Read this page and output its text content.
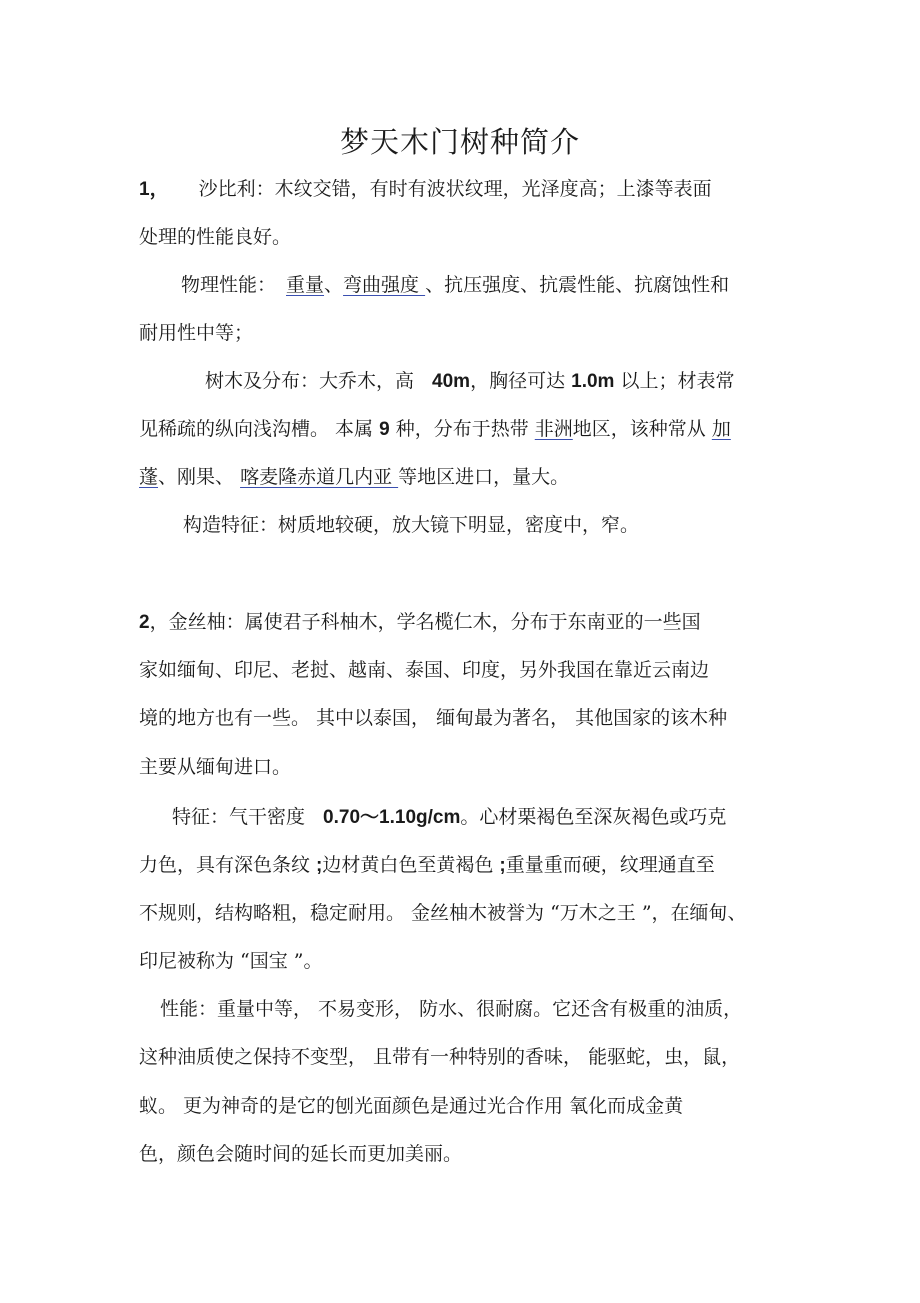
梦天木门树种简介
1， 沙比利：木纹交错，有时有波状纹理，光泽度高；上漆等表面
处理的性能良好。
物理性能： 重量、弯曲强度 、抗压强度、抗震性能、抗腐蚀性和
耐用性中等；
树木及分布：大乔木，高 40m，胸径可达 1.0m 以上；材表常
见稀疏的纵向浅沟槽。 本属 9 种，分布于热带 非洲地区，该种常从 加
蓬、刚果、 喀麦隆赤道几内亚 等地区进口，量大。
构造特征：树质地较硬，放大镜下明显，密度中，窄。
2，金丝柚：属使君子科柚木，学名榄仁木，分布于东南亚的一些国
家如缅甸、印尼、老挝、越南、泰国、印度，另外我国在靠近云南边
境的地方也有一些。 其中以泰国， 缅甸最为著名， 其他国家的该木种
主要从缅甸进口。
特征：气干密度 0.70～1.10g/cm。心材栗褐色至深灰褐色或巧克
力色，具有深色条纹 ;边材黄白色至黄褐色 ;重量重而硬，纹理通直至
不规则，结构略粗，稳定耐用。 金丝柚木被誉为 “万木之王 ”，在缅甸、
印尼被称为 “国宝 ”。
性能：重量中等， 不易变形， 防水、很耐腐。它还含有极重的油质，
这种油质使之保持不变型， 且带有一种特别的香味， 能驱蛇，虫，鼠，
蚁。 更为神奇的是它的刨光面颜色是通过光合作用 氧化而成金黄
色，颜色会随时间的延长而更加美丽。
